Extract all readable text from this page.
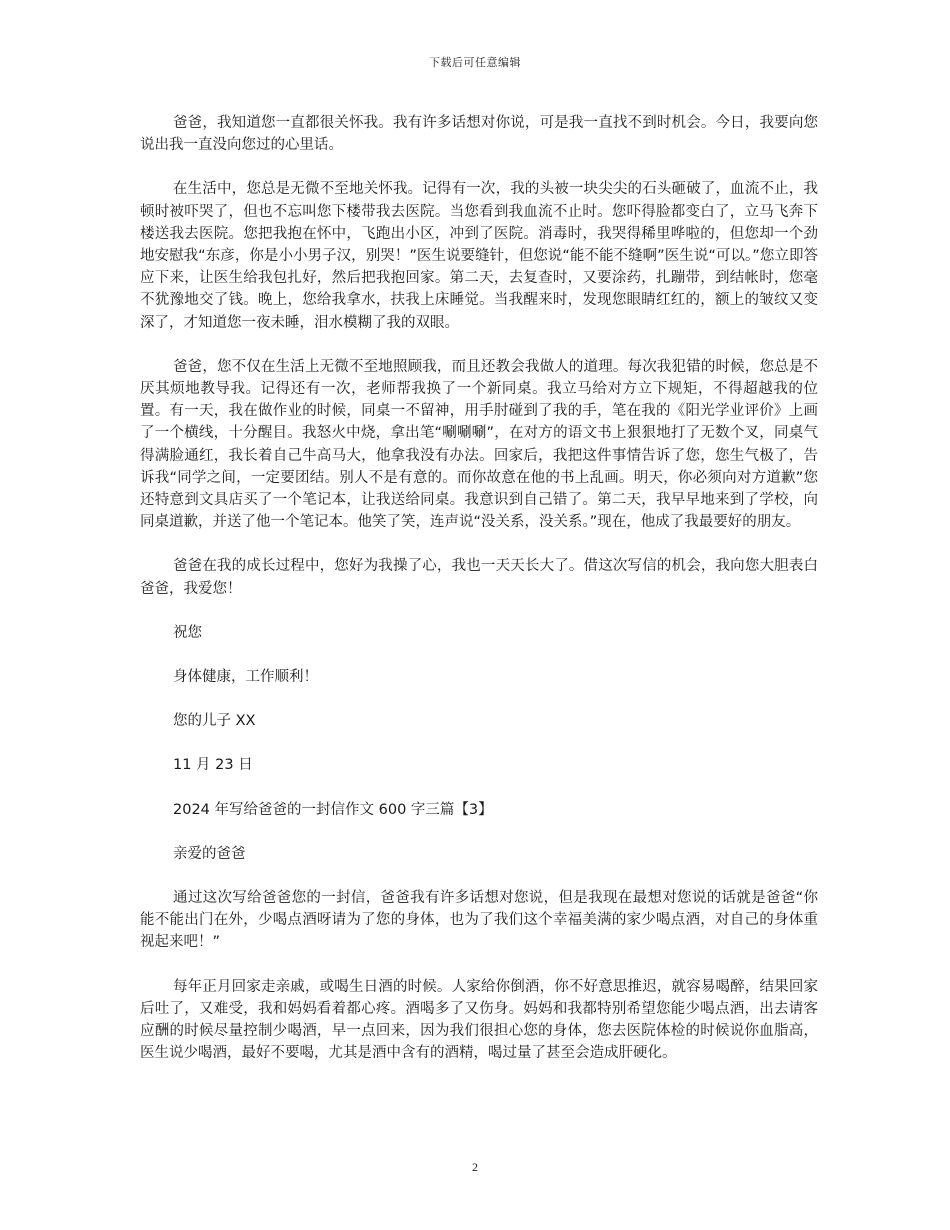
下载后可任意编辑

爸爸，我知道您一直都很关怀我。我有许多话想对你说，可是我一直找不到时机会。今日，我要向您说出我一直没向您过的心里话。

在生活中，您总是无微不至地关怀我。记得有一次，我的头被一块尖尖的石头砸破了，血流不止，我顿时被吓哭了，但也不忘叫您下楼带我去医院。当您看到我血流不止时。您吓得脸都变白了，立马飞奔下楼送我去医院。您把我抱在怀中，飞跑出小区，冲到了医院。消毒时，我哭得稀里哗啦的，但您却一个劲地安慰我“东彦，你是小小男子汉，别哭！”医生说要缝针，但您说“能不能不缝啊”医生说“可以。”您立即答应下来，让医生给我包扎好，然后把我抱回家。第二天，去复查时，又要涂药，扎蹦带，到结帐时，您毫不犹豫地交了钱。晚上，您给我拿水，扶我上床睡觉。当我醒来时，发现您眼睛红红的，额上的皱纹又变深了，才知道您一夜未睡，泪水模糊了我的双眼。

爸爸，您不仅在生活上无微不至地照顾我，而且还教会我做人的道理。每次我犯错的时候，您总是不厌其烦地教导我。记得还有一次，老师帮我换了一个新同桌。我立马给对方立下规矩，不得超越我的位置。有一天，我在做作业的时候，同桌一不留神，用手肘碰到了我的手，笔在我的《阳光学业评价》上画了一个横线，十分醒目。我怒火中烧，拿出笔“唰唰唰”，在对方的语文书上狠狠地打了无数个叉，同桌气得满脸通红，我长着自己牛高马大，他拿我没有办法。回家后，我把这件事情告诉了您，您生气极了，告诉我“同学之间，一定要团结。别人不是有意的。而你故意在他的书上乱画。明天，你必须向对方道歉”您还特意到文具店买了一个笔记本，让我送给同桌。我意识到自己错了。第二天，我早早地来到了学校，向同桌道歉，并送了他一个笔记本。他笑了笑，连声说“没关系，没关系。”现在，他成了我最要好的朋友。

爸爸在我的成长过程中，您好为我操了心，我也一天天长大了。借这次写信的机会，我向您大胆表白爸爸，我爱您！

祝您

身体健康，工作顺利！

您的儿子 XX

11 月 23 日

2024 年写给爸爸的一封信作文 600 字三篇【3】

亲爱的爸爸

通过这次写给爸爸您的一封信，爸爸我有许多话想对您说，但是我现在最想对您说的话就是爸爸“你能不能出门在外，少喝点酒呀请为了您的身体，也为了我们这个幸福美满的家少喝点酒，对自己的身体重视起来吧！”

每年正月回家走亲戚，或喝生日酒的时候。人家给你倒酒，你不好意思推迟，就容易喝醉，结果回家后吐了，又难受，我和妈妈看着都心疼。酒喝多了又伤身。妈妈和我都特别希望您能少喝点酒，出去请客应酬的时候尽量控制少喝酒，早一点回来，因为我们很担心您的身体，您去医院体检的时候说你血脂高，医生说少喝酒，最好不要喝，尤其是酒中含有的酒精，喝过量了甚至会造成肝硬化。

2
